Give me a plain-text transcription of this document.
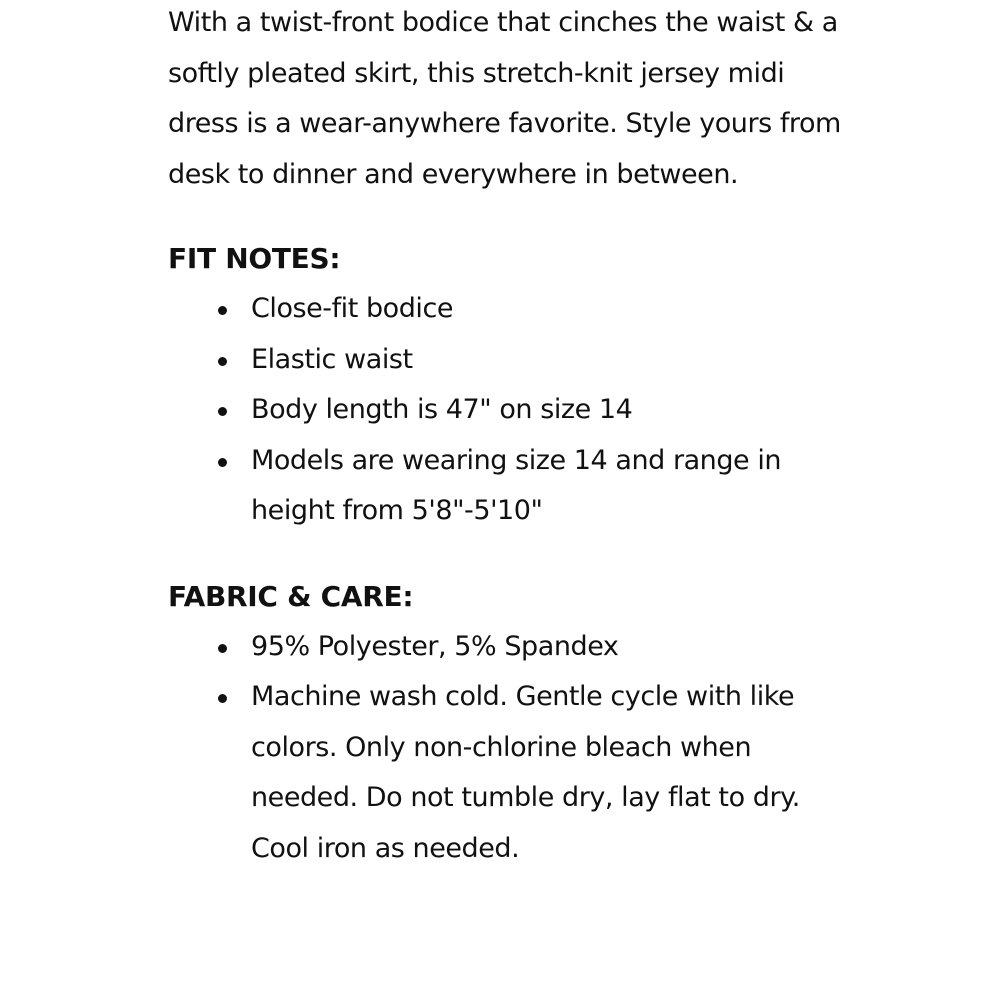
With a twist-front bodice that cinches the waist & a softly pleated skirt, this stretch-knit jersey midi dress is a wear-anywhere favorite. Style yours from desk to dinner and everywhere in between.

FIT NOTES:
Close-fit bodice
Elastic waist
Body length is 47" on size 14
Models are wearing size 14 and range in height from 5'8"-5'10"
FABRIC & CARE:
95% Polyester, 5% Spandex
Machine wash cold. Gentle cycle with like colors. Only non-chlorine bleach when needed. Do not tumble dry, lay flat to dry. Cool iron as needed.
